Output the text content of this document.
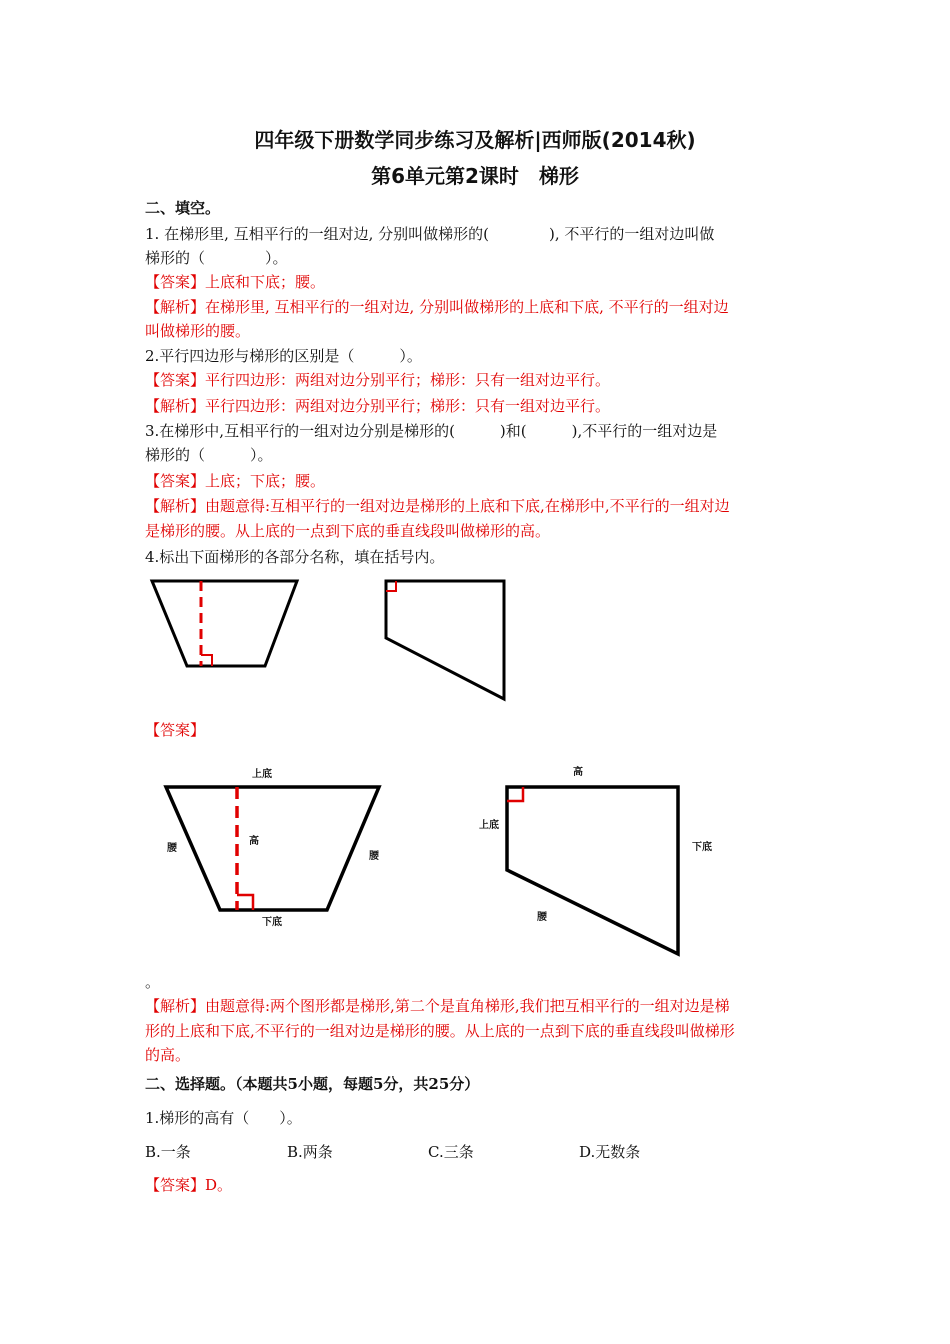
四年级下册数学同步练习及解析|西师版(2014秋)
第6单元第2课时　梯形
二、填空。
1. 在梯形里, 互相平行的一组对边, 分别叫做梯形的(　　　　), 不平行的一组对边叫做
梯形的（　　　　）。
【答案】上底和下底；腰。
【解析】在梯形里, 互相平行的一组对边, 分别叫做梯形的上底和下底, 不平行的一组对边
叫做梯形的腰。
2.平行四边形与梯形的区别是（　　　）。
【答案】平行四边形：两组对边分别平行；梯形：只有一组对边平行。
【解析】平行四边形：两组对边分别平行；梯形：只有一组对边平行。
3.在梯形中,互相平行的一组对边分别是梯形的(　　　)和(　　　),不平行的一组对边是
梯形的（　　　）。
【答案】上底；下底；腰。
【解析】由题意得:互相平行的一组对边是梯形的上底和下底,在梯形中,不平行的一组对边
是梯形的腰。从上底的一点到下底的垂直线段叫做梯形的高。
4.标出下面梯形的各部分名称，填在括号内。
【答案】
上底
腰
高
腰
下底
高
上底
下底
腰
。
【解析】由题意得:两个图形都是梯形,第二个是直角梯形,我们把互相平行的一组对边是梯
形的上底和下底,不平行的一组对边是梯形的腰。从上底的一点到下底的垂直线段叫做梯形
的高。
二、选择题。（本题共5小题，每题5分，共25分）
1.梯形的高有（　　）。
B.一条	B.两条	C.三条	D.无数条
【答案】D。
